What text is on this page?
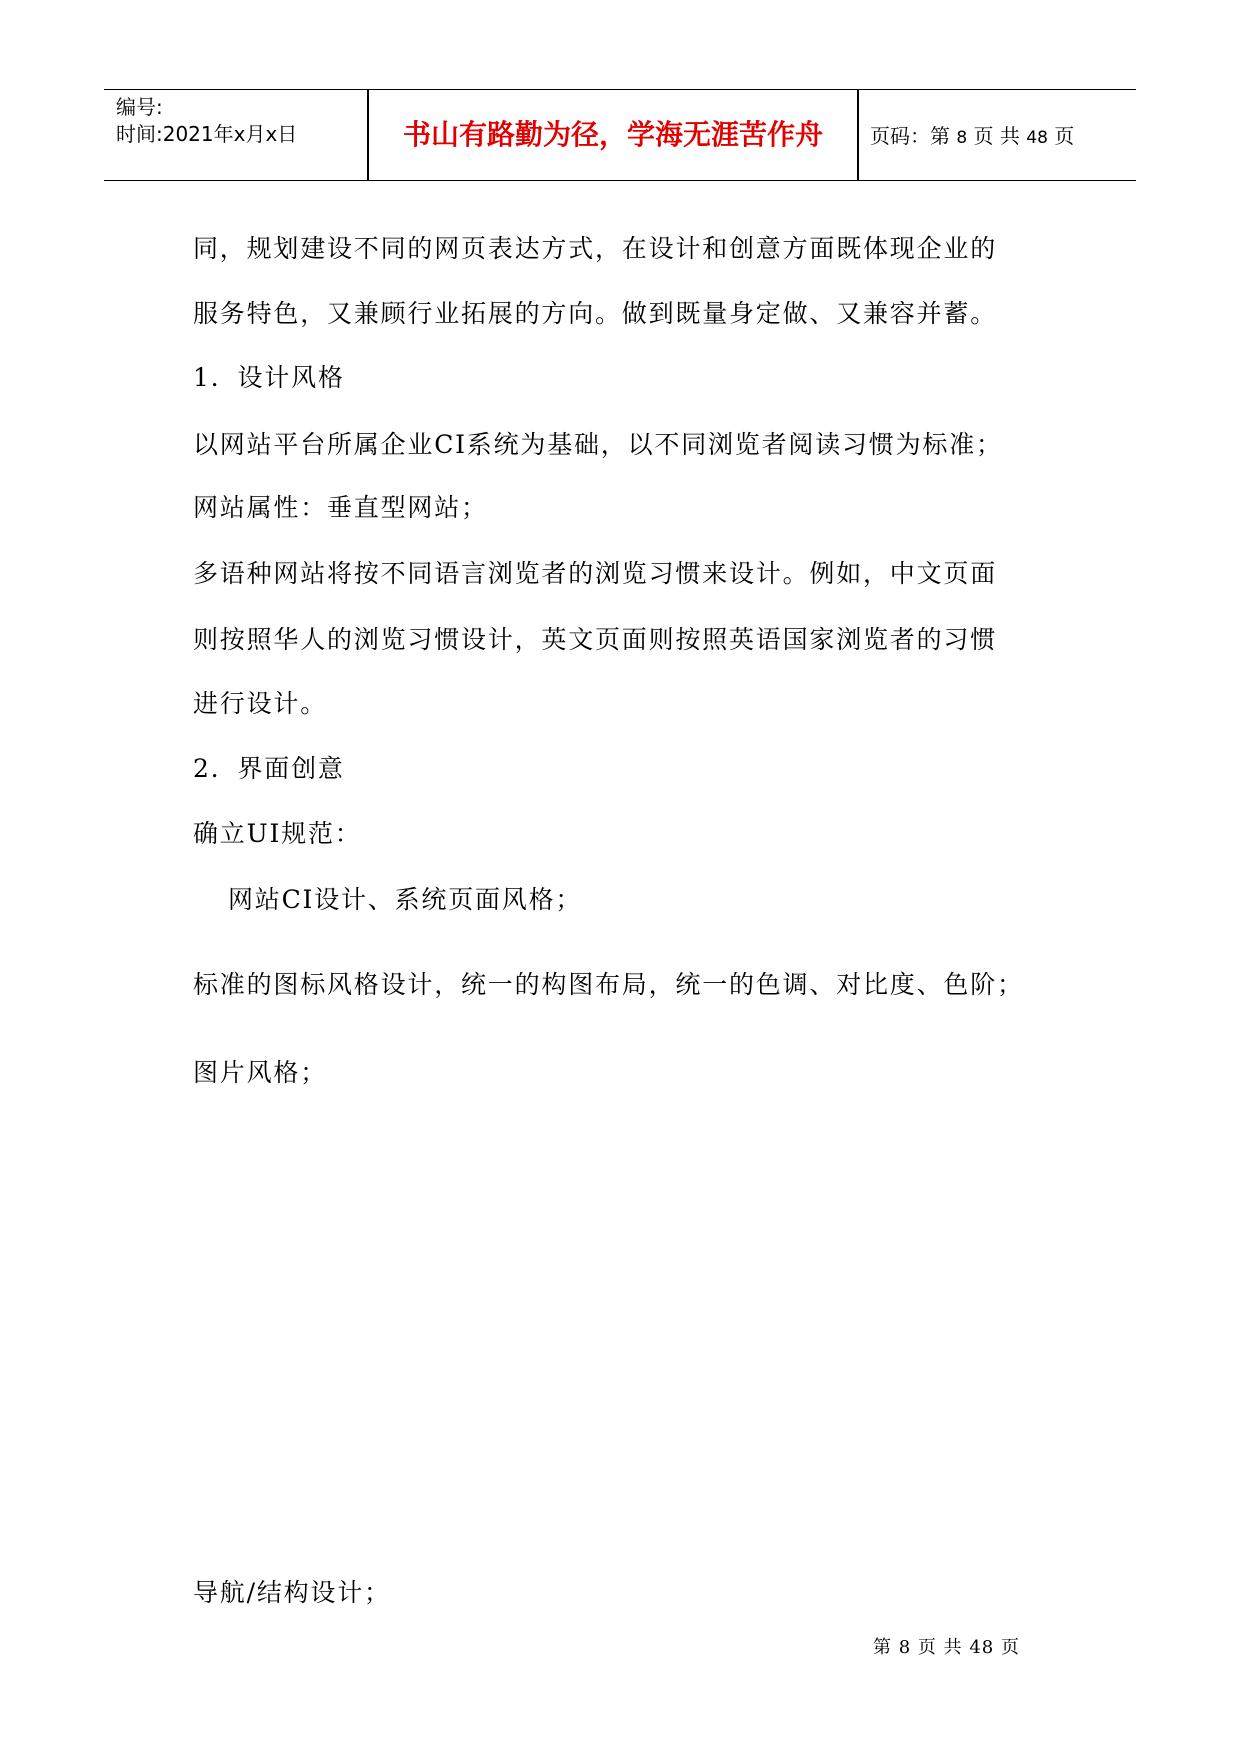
编号:
时间:2021年x月x日	书山有路勤为径，学海无涯苦作舟	页码：第 8 页 共 48 页
同，规划建设不同的网页表达方式，在设计和创意方面既体现企业的
服务特色，又兼顾行业拓展的方向。做到既量身定做、又兼容并蓄。
1．设计风格
以网站平台所属企业CI系统为基础，以不同浏览者阅读习惯为标准；
网站属性：垂直型网站；
多语种网站将按不同语言浏览者的浏览习惯来设计。例如，中文页面
则按照华人的浏览习惯设计，英文页面则按照英语国家浏览者的习惯
进行设计。
2．界面创意
确立UI规范：
网站CI设计、系统页面风格；
标准的图标风格设计，统一的构图布局，统一的色调、对比度、色阶；
图片风格；
导航/结构设计；
第 8 页 共 48 页
